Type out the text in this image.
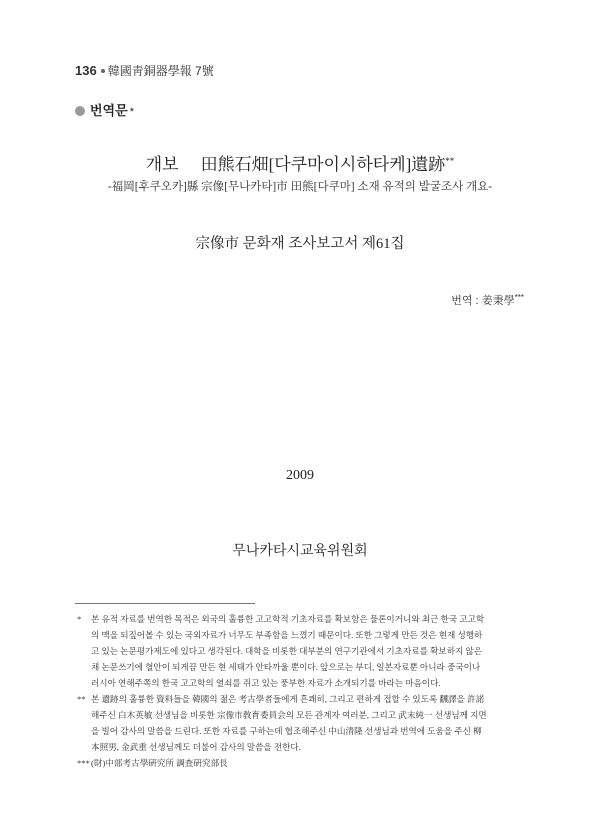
136 韓國靑銅器學報 7號
번역문 *
개보 田熊石畑[다쿠마이시하타케]遺跡**
-福岡[후쿠오카]縣 宗像[무나카타]市 田熊[다쿠마] 소재 유적의 발굴조사 개요-
宗像市 문화재 조사보고서 제61집
번역 : 姜秉學***
2009
무나카타시교육위원회
* 본 유적 자료를 번역한 목적은 외국의 훌륭한 고고학적 기초자료를 확보함은 물론이거니와 최근 한국 고고학
의 맥을 되짚어볼 수 있는 국외자료가 너무도 부족함을 느꼈기 때문이다. 또한 그렇게 만든 것은 현재 성행하
고 있는 논문평가제도에 있다고 생각된다. 대학을 비롯한 대부분의 연구기관에서 기초자료를 확보하지 않은
채 논문쓰기에 혈안이 되게끔 만든 현 세태가 안타까울 뿐이다. 앞으로는 부디, 일본자료뿐 아니라 중국이나
러시아 연해주쪽의 한국 고고학의 열쇠를 쥐고 있는 풍부한 자료가 소개되기를 바라는 마음이다.
** 본 遺跡의 훌륭한 資料들을 韓國의 젊은 考古學者들에게 흔쾌히, 그리고 편하게 접할 수 있도록 飜譯을 許諾
해주신 白木英敏 선생님을 비롯한 宗像市敎育委員会의 모든 관계자 여러분, 그리고 武末純一 선생님께 지면
을 빌어 감사의 말씀을 드린다. 또한 자료를 구하는데 협조해주신 中山清隆 선생님과 번역에 도움을 주신 柳
本照男, 金武重 선생님께도 더불어 감사의 말씀을 전한다.
*** (財)中部考古學硏究所 調査硏究部長
